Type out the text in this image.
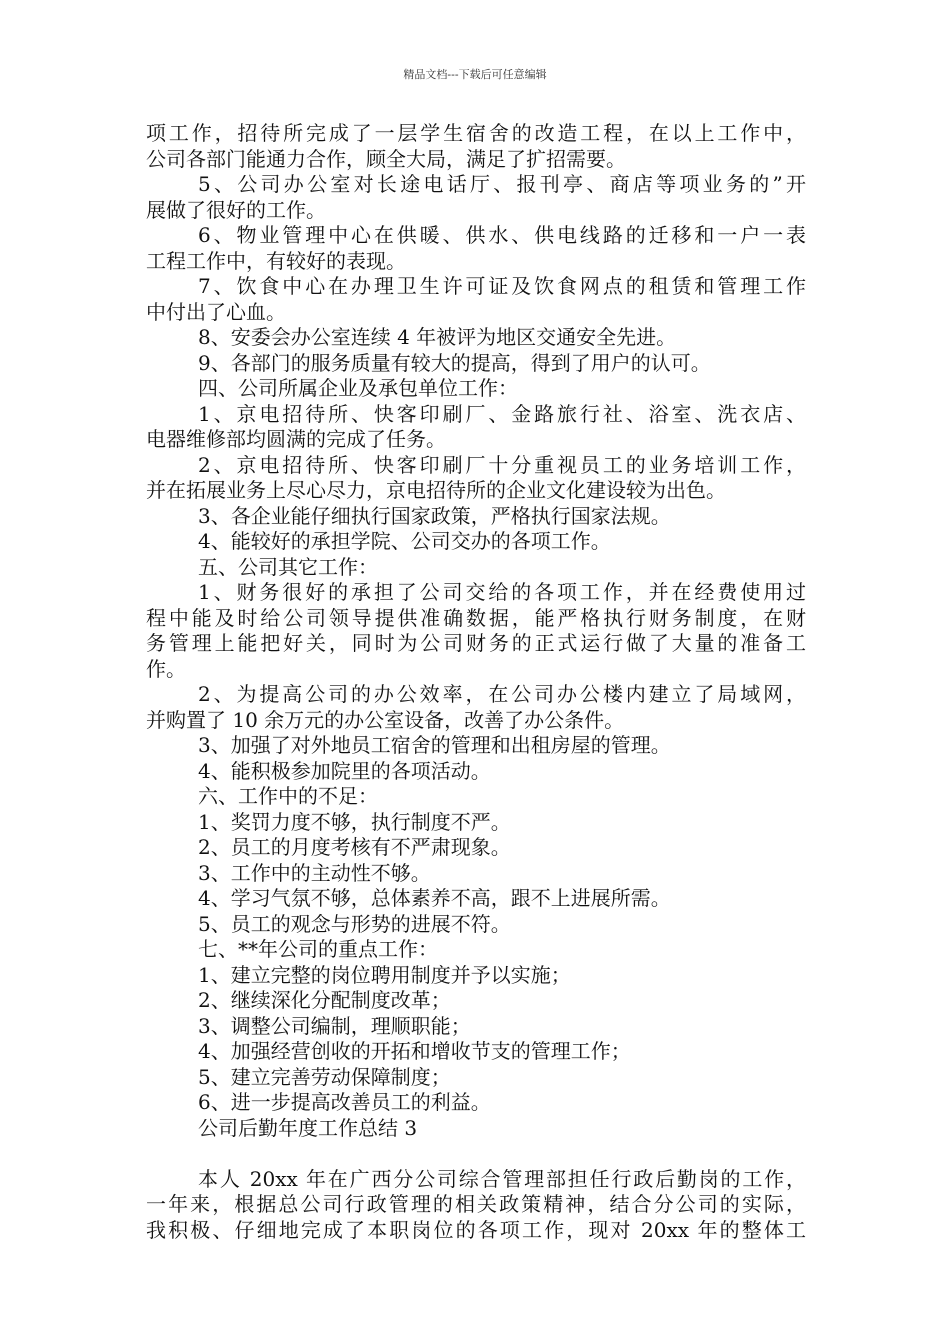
精品文档---下载后可任意编辑
项工作，招待所完成了一层学生宿舍的改造工程，在以上工作中，
公司各部门能通力合作，顾全大局，满足了扩招需要。
5、公司办公室对长途电话厅、报刊亭、商店等项业务的”开
展做了很好的工作。
6、物业管理中心在供暖、供水、供电线路的迁移和一户一表
工程工作中，有较好的表现。
7、饮食中心在办理卫生许可证及饮食网点的租赁和管理工作
中付出了心血。
8、安委会办公室连续 4 年被评为地区交通安全先进。
9、各部门的服务质量有较大的提高，得到了用户的认可。
四、公司所属企业及承包单位工作：
1、京电招待所、快客印刷厂、金路旅行社、浴室、洗衣店、
电器维修部均圆满的完成了任务。
2、京电招待所、快客印刷厂十分重视员工的业务培训工作，
并在拓展业务上尽心尽力，京电招待所的企业文化建设较为出色。
3、各企业能仔细执行国家政策，严格执行国家法规。
4、能较好的承担学院、公司交办的各项工作。
五、公司其它工作：
1、财务很好的承担了公司交给的各项工作，并在经费使用过
程中能及时给公司领导提供准确数据，能严格执行财务制度，在财
务管理上能把好关，同时为公司财务的正式运行做了大量的准备工
作。
2、为提高公司的办公效率，在公司办公楼内建立了局域网，
并购置了 10 余万元的办公室设备，改善了办公条件。
3、加强了对外地员工宿舍的管理和出租房屋的管理。
4、能积极参加院里的各项活动。
六、工作中的不足：
1、奖罚力度不够，执行制度不严。
2、员工的月度考核有不严肃现象。
3、工作中的主动性不够。
4、学习气氛不够，总体素养不高，跟不上进展所需。
5、员工的观念与形势的进展不符。
七、**年公司的重点工作：
1、建立完整的岗位聘用制度并予以实施；
2、继续深化分配制度改革；
3、调整公司编制，理顺职能；
4、加强经营创收的开拓和增收节支的管理工作；
5、建立完善劳动保障制度；
6、进一步提高改善员工的利益。
公司后勤年度工作总结 3
本人 20xx 年在广西分公司综合管理部担任行政后勤岗的工作，
一年来，根据总公司行政管理的相关政策精神，结合分公司的实际，
我积极、仔细地完成了本职岗位的各项工作，现对 20xx 年的整体工
